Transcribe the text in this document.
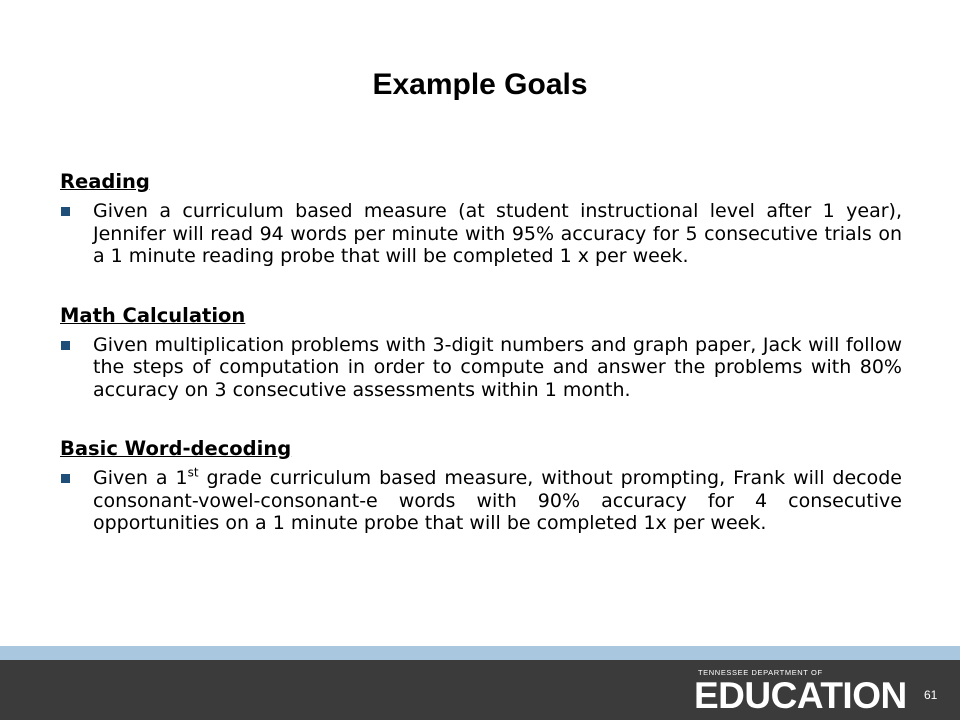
Example Goals

Reading

Given a curriculum based measure (at student instructional level after 1 year), Jennifer will read 94 words per minute with 95% accuracy for 5 consecutive trials on a 1 minute reading probe that will be completed 1 x per week.

Math Calculation

Given multiplication problems with 3-digit numbers and graph paper, Jack will follow the steps of computation in order to compute and answer the problems with 80% accuracy on 3 consecutive assessments within 1 month.

Basic Word-decoding

Given a 1st grade curriculum based measure, without prompting, Frank will decode consonant-vowel-consonant-e words with 90% accuracy for 4 consecutive opportunities on a 1 minute probe that will be completed 1x per week.

TENNESSEE DEPARTMENT OF
EDUCATION 61
